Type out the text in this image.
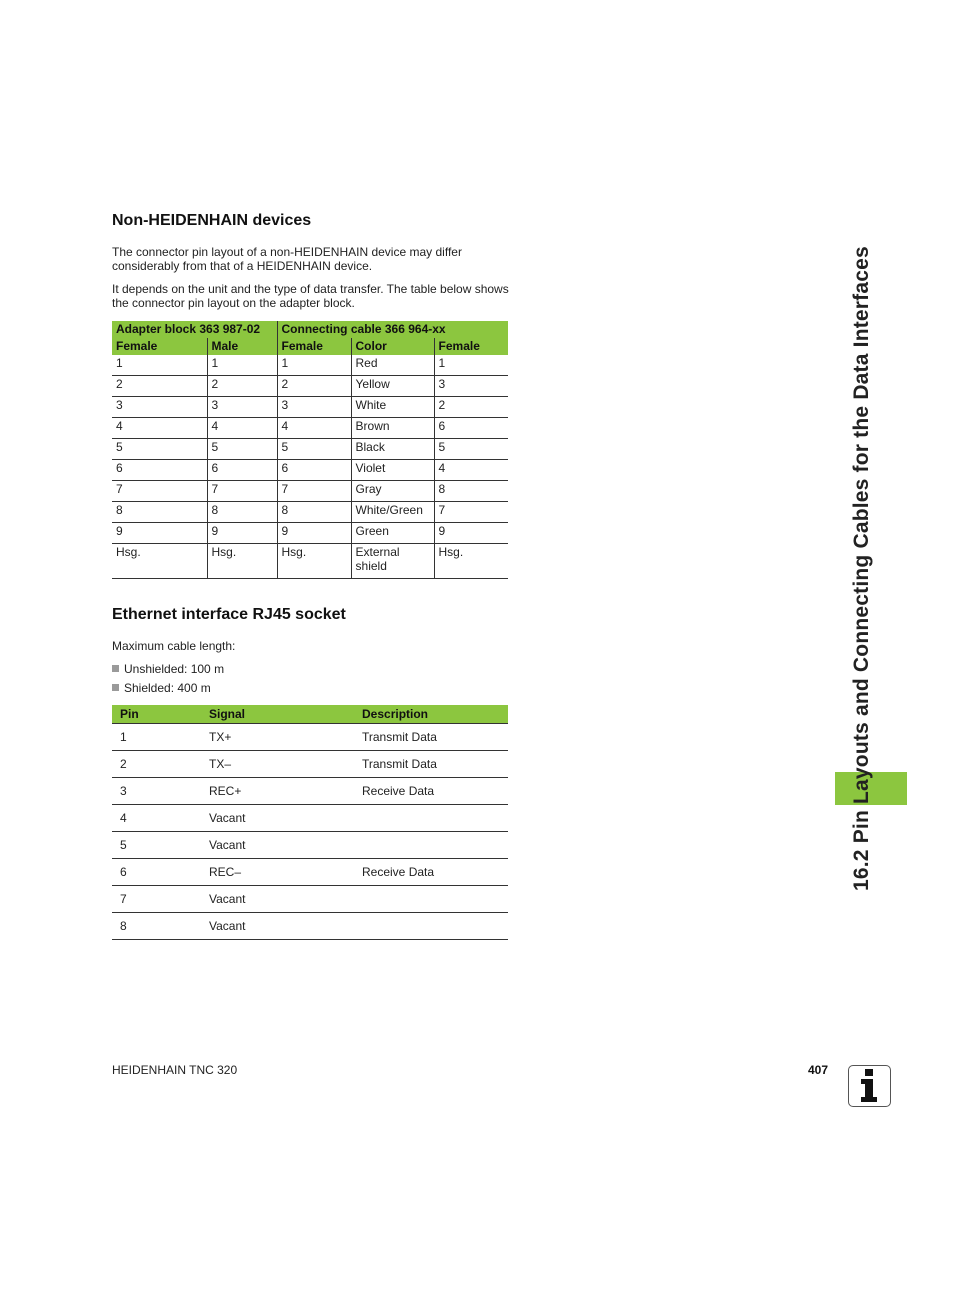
Non-HEIDENHAIN devices

The connector pin layout of a non-HEIDENHAIN device may differ considerably from that of a HEIDENHAIN device.

It depends on the unit and the type of data transfer. The table below shows the connector pin layout on the adapter block.

Adapter block 363 987-02		Connecting cable 366 964-xx		
Female	Male	Female	Color	Female
1	1	1	Red	1
2	2	2	Yellow	3
3	3	3	White	2
4	4	4	Brown	6
5	5	5	Black	5
6	6	6	Violet	4
7	7	7	Gray	8
8	8	8	White/Green	7
9	9	9	Green	9
Hsg.	Hsg.	Hsg.	External shield	Hsg.
Ethernet interface RJ45 socket

Maximum cable length:

Unshielded: 100 m
Shielded: 400 m
Pin	Signal	Description
1	TX+	Transmit Data
2	TX–	Transmit Data
3	REC+	Receive Data
4	Vacant	
5	Vacant	
6	REC–	Receive Data
7	Vacant	
8	Vacant	
16.2 Pin Layouts and Connecting Cables for the Data Interfaces
HEIDENHAIN TNC 320	407
